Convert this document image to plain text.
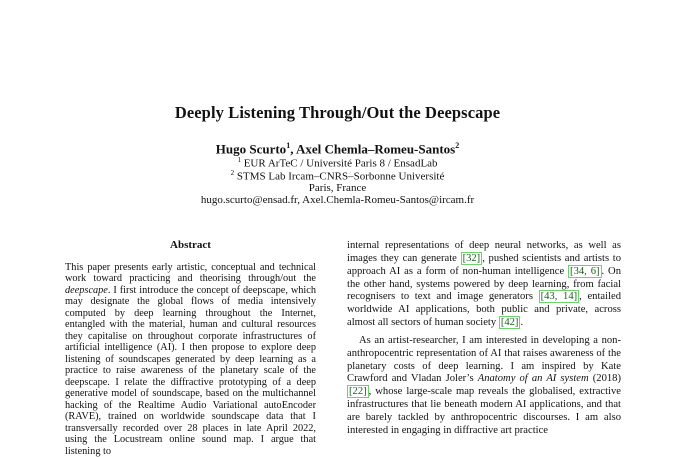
Deeply Listening Through/Out the Deepscape
Hugo Scurto$^1$, Axel Chemla–Romeu-Santos$^2$
$^1$ EUR ArTeC / Université Paris 8 / EnsadLab
$^2$ STMS Lab Ircam–CNRS–Sorbonne Université
Paris, France
hugo.scurto@ensad.fr, Axel.Chemla-Romeu-Santos@ircam.fr
Abstract

This paper presents early artistic, conceptual and technical work toward practicing and theorising through/out the deepscape. I first introduce the concept of deepscape, which may designate the global flows of media intensively computed by deep learning throughout the Internet, entangled with the material, human and cultural resources they capitalise on throughout corporate infrastructures of artificial intelligence (AI). I then propose to explore deep listening of soundscapes generated by deep learning as a practice to raise awareness of the planetary scale of the deepscape. I relate the diffractive prototyping of a deep generative model of soundscape, based on the multichannel hacking of the Realtime Audio Variational autoEncoder (RAVE), trained on worldwide soundscape data that I transversally recorded over 28 places in late April 2022, using the Locustream online sound map. I argue that listening to

internal representations of deep neural networks, as well as images they can generate [32] , pushed scientists and artists to approach AI as a form of non-human intelligence [34, 6] . On the other hand, systems powered by deep learning, from facial recognisers to text and image generators [43, 14] , entailed worldwide AI applications, both public and private, across almost all sectors of human society [42] .

As an artist-researcher, I am interested in developing a non-anthropocentric representation of AI that raises awareness of the planetary costs of deep learning. I am inspired by Kate Crawford and Vladan Joler’s Anatomy of an AI system (2018) [22] , whose large-scale map reveals the globalised, extractive infrastructures that lie beneath modern AI applications, and that are barely tackled by anthropocentric discourses. I am also interested in engaging in diffractive art practice
